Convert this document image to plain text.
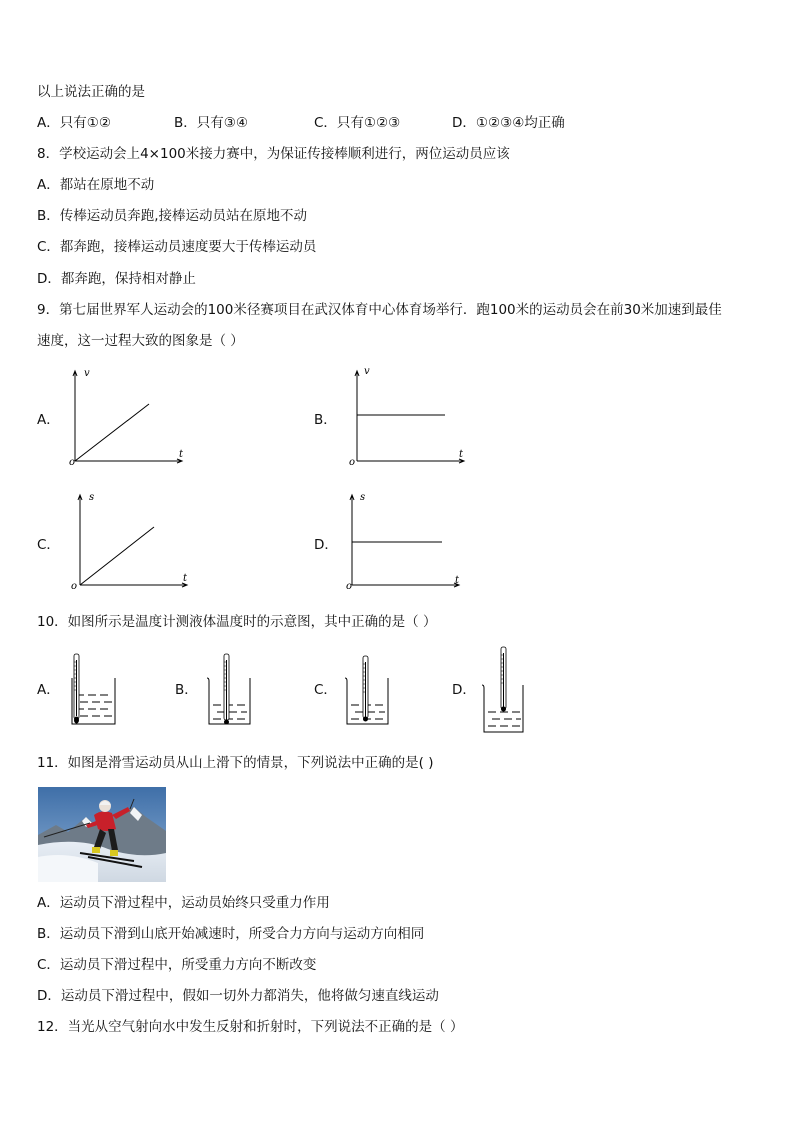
以上说法正确的是
A．只有①②	B．只有③④	C．只有①②③	D．①②③④均正确
8．学校运动会上4×100米接力赛中，为保证传接棒顺利进行，两位运动员应该
A．都站在原地不动
B．传棒运动员奔跑,接棒运动员站在原地不动
C．都奔跑，接棒运动员速度要大于传棒运动员
D．都奔跑，保持相对静止
9．第七届世界军人运动会的100米径赛项目在武汉体育中心体育场举行．跑100米的运动员会在前30米加速到最佳
速度，这一过程大致的图象是（ ）
A．
v
t
o
B．
v
t
o
C．
s
t
o
D．
s
t
o
10．如图所示是温度计测液体温度时的示意图，其中正确的是（ ）
A．	B．	C．	D．
11．如图是滑雪运动员从山上滑下的情景，下列说法中正确的是( )
A．运动员下滑过程中，运动员始终只受重力作用
B．运动员下滑到山底开始减速时，所受合力方向与运动方向相同
C．运动员下滑过程中，所受重力方向不断改变
D．运动员下滑过程中，假如一切外力都消失，他将做匀速直线运动
12．当光从空气射向水中发生反射和折射时，下列说法不正确的是（ ）
